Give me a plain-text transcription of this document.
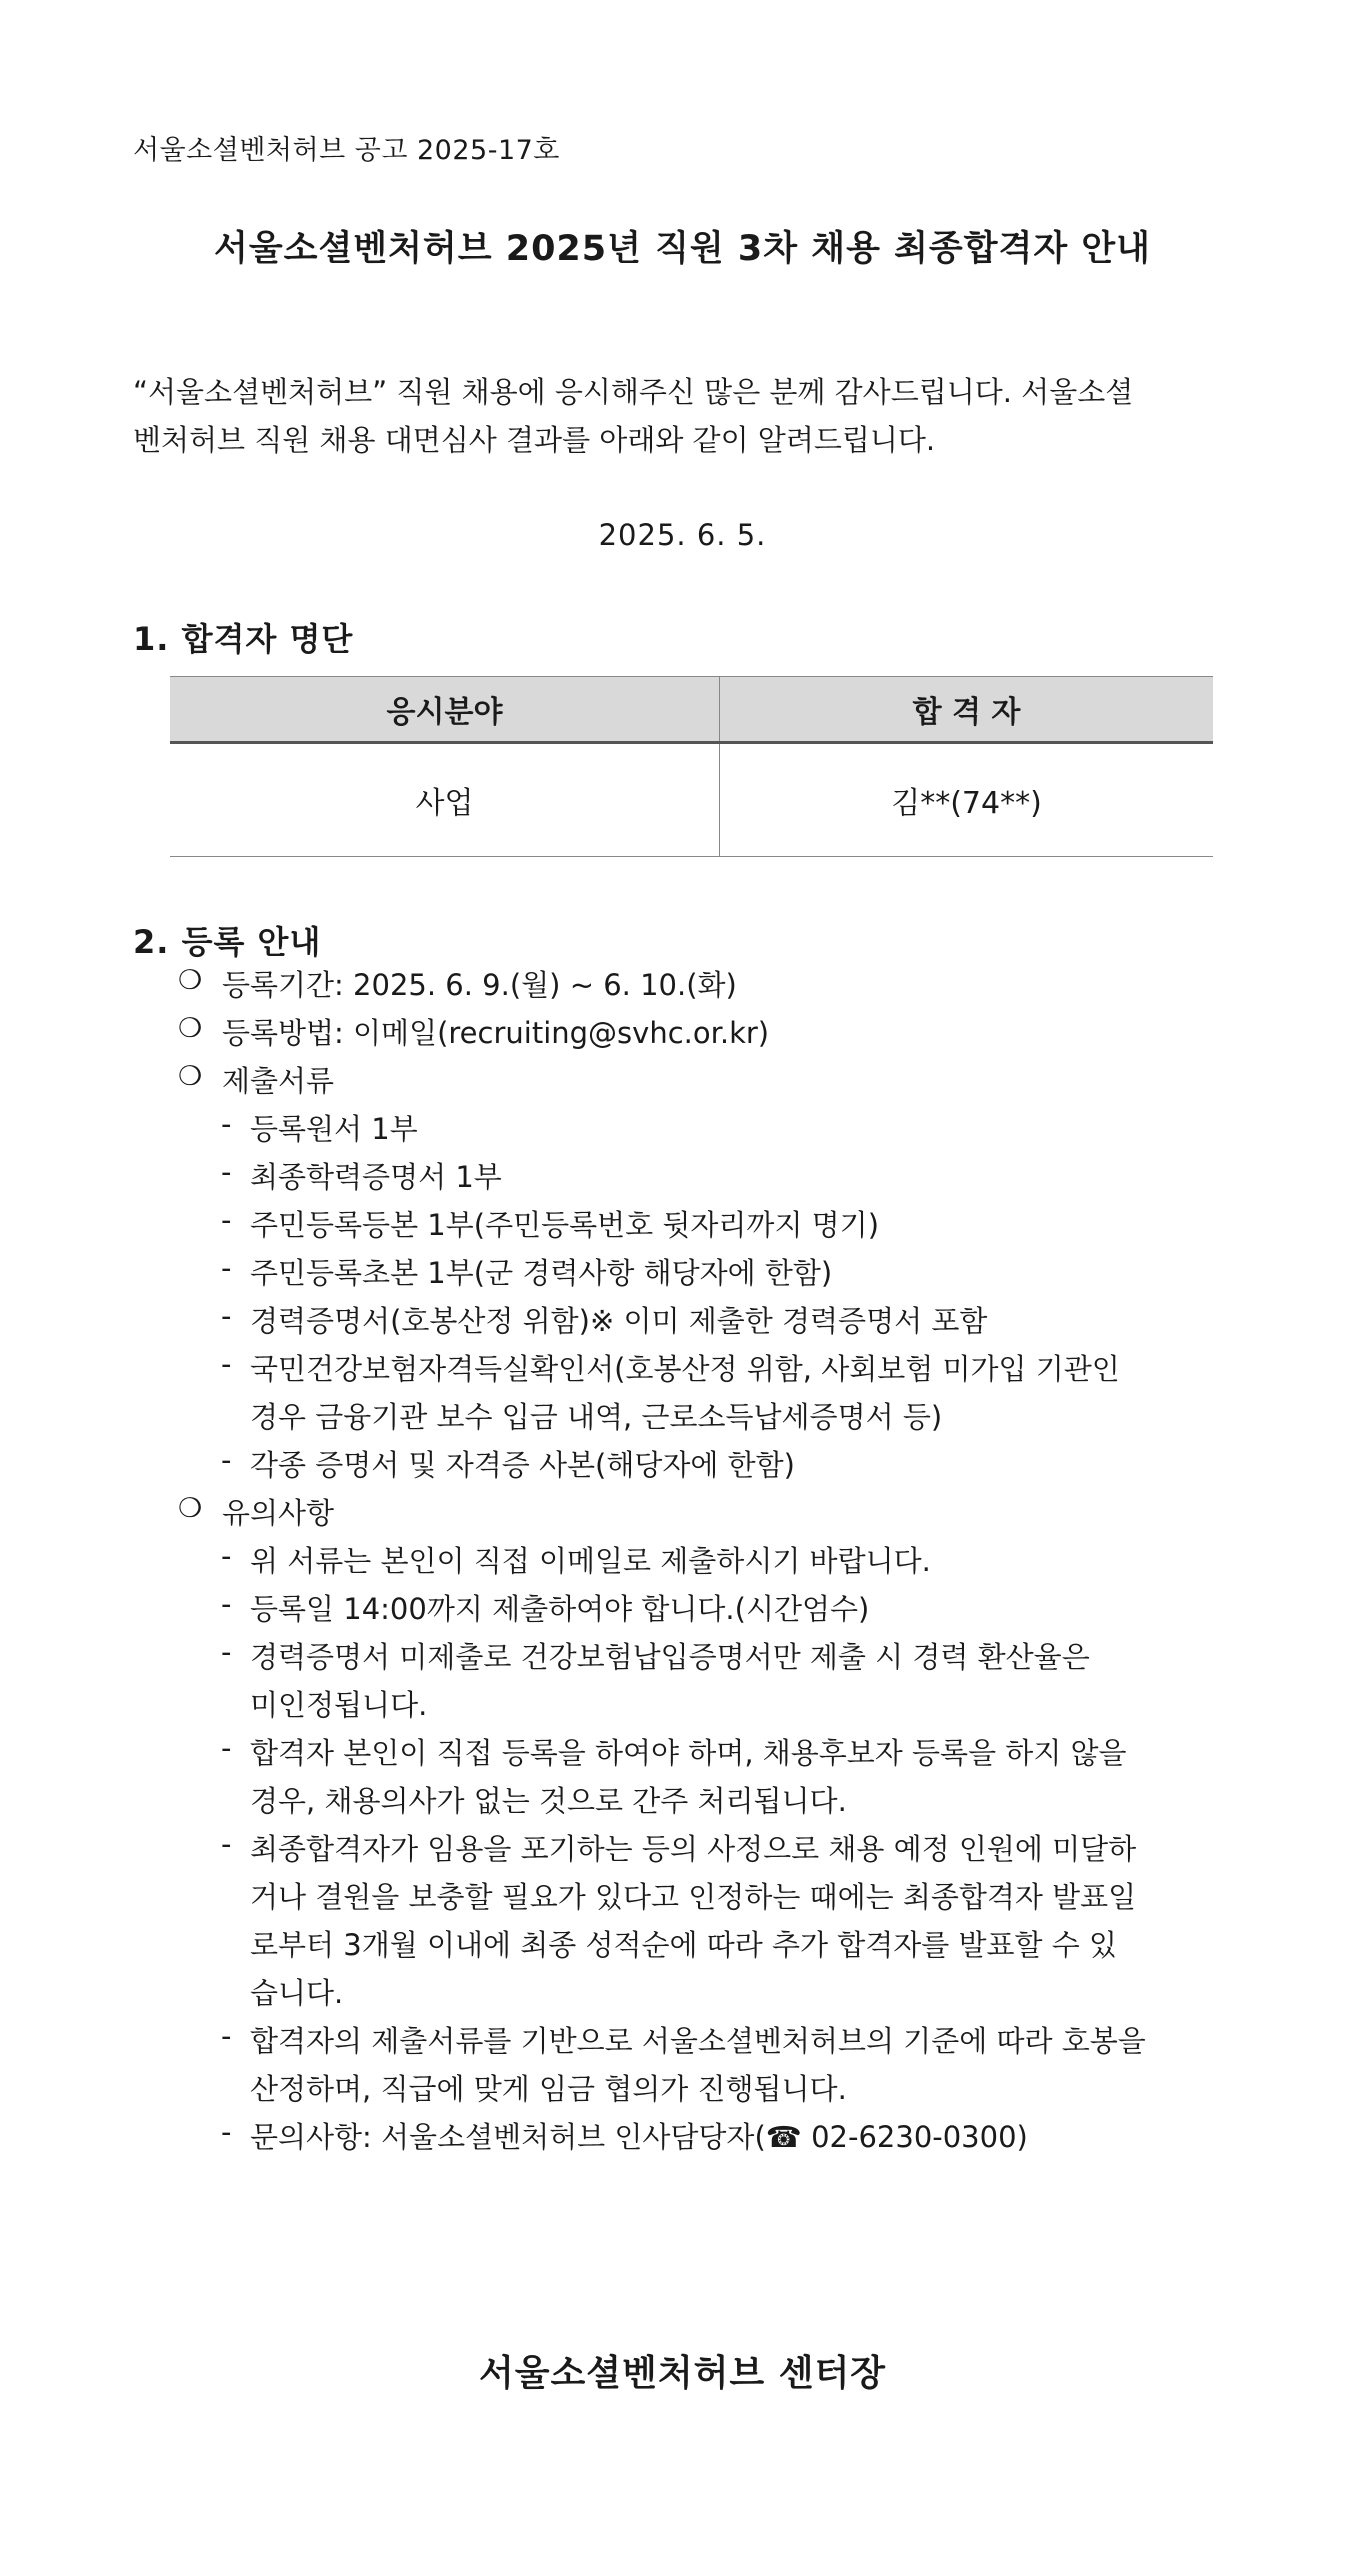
서울소셜벤처허브 공고 2025-17호
서울소셜벤처허브 2025년 직원 3차 채용 최종합격자 안내
“서울소셜벤처허브” 직원 채용에 응시해주신 많은 분께 감사드립니다. 서울소셜
벤처허브 직원 채용 대면심사 결과를 아래와 같이 알려드립니다.
2025. 6. 5.
1. 합격자 명단
응시분야	합 격 자
사업	김**(74**)
2. 등록 안내
❍ 등록기간: 2025. 6. 9.(월) ~ 6. 10.(화)
❍ 등록방법: 이메일(recruiting@svhc.or.kr)
❍ 제출서류
- 등록원서 1부
- 최종학력증명서 1부
- 주민등록등본 1부(주민등록번호 뒷자리까지 명기)
- 주민등록초본 1부(군 경력사항 해당자에 한함)
- 경력증명서(호봉산정 위함)※ 이미 제출한 경력증명서 포함
- 국민건강보험자격득실확인서(호봉산정 위함, 사회보험 미가입 기관인
경우 금융기관 보수 입금 내역, 근로소득납세증명서 등)
- 각종 증명서 및 자격증 사본(해당자에 한함)
❍ 유의사항
- 위 서류는 본인이 직접 이메일로 제출하시기 바랍니다.
- 등록일 14:00까지 제출하여야 합니다.(시간엄수)
- 경력증명서 미제출로 건강보험납입증명서만 제출 시 경력 환산율은
미인정됩니다.
- 합격자 본인이 직접 등록을 하여야 하며, 채용후보자 등록을 하지 않을
경우, 채용의사가 없는 것으로 간주 처리됩니다.
- 최종합격자가 임용을 포기하는 등의 사정으로 채용 예정 인원에 미달하
거나 결원을 보충할 필요가 있다고 인정하는 때에는 최종합격자 발표일
로부터 3개월 이내에 최종 성적순에 따라 추가 합격자를 발표할 수 있
습니다.
- 합격자의 제출서류를 기반으로 서울소셜벤처허브의 기준에 따라 호봉을
산정하며, 직급에 맞게 임금 협의가 진행됩니다.
- 문의사항: 서울소셜벤처허브 인사담당자(☎ 02-6230-0300)
서울소셜벤처허브 센터장
